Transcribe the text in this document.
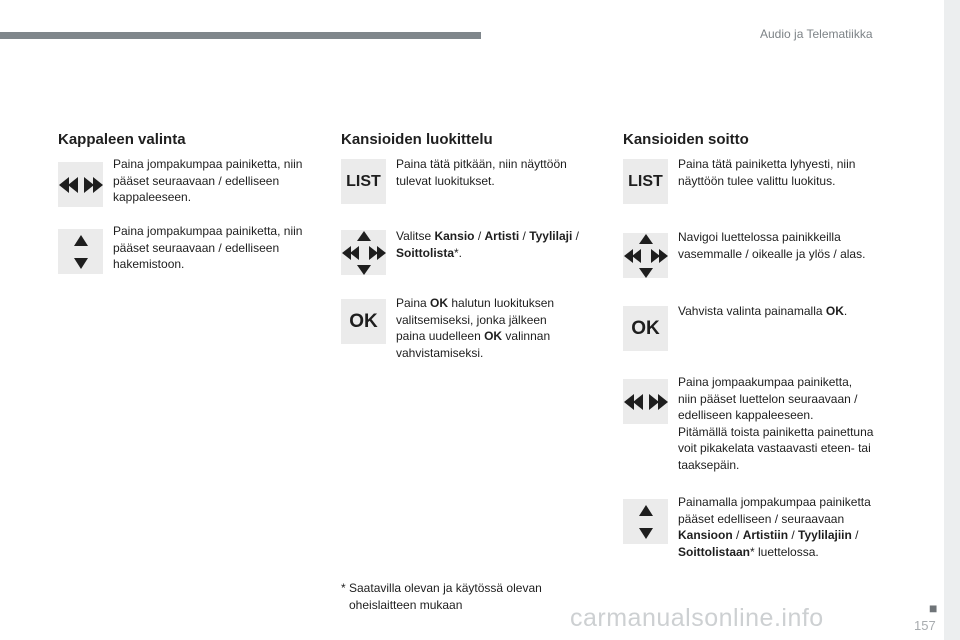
Audio ja Telematiikka
■
157
carmanualsonline.info
Kappaleen valinta
Paina jompakumpaa painiketta, niin pääset seuraavaan / edelliseen kappaleeseen.
Paina jompakumpaa painiketta, niin pääset seuraavaan / edelliseen hakemistoon.
Kansioiden luokittelu
LIST
Paina tätä pitkään, niin näyttöön tulevat luokitukset.
Valitse Kansio / Artisti / Tyylilaji / Soittolista*.
OK
Paina OK halutun luokituksen valitsemiseksi, jonka jälkeen paina uudelleen OK valinnan vahvistamiseksi.
* Saatavilla olevan ja käytössä olevan
oheislaitteen mukaan
Kansioiden soitto
LIST
Paina tätä painiketta lyhyesti, niin näyttöön tulee valittu luokitus.
Navigoi luettelossa painikkeilla vasemmalle / oikealle ja ylös / alas.
OK
Vahvista valinta painamalla OK.
Paina jompaakumpaa painiketta,
niin pääset luettelon seuraavaan /
edelliseen kappaleeseen.
Pitämällä toista painiketta painettuna
voit pikakelata vastaavasti eteen- tai
taaksepäin.
Painamalla jompakumpaa painiketta pääset edelliseen / seuraavaan Kansioon / Artistiin / Tyylilajiin / Soittolistaan* luettelossa.
